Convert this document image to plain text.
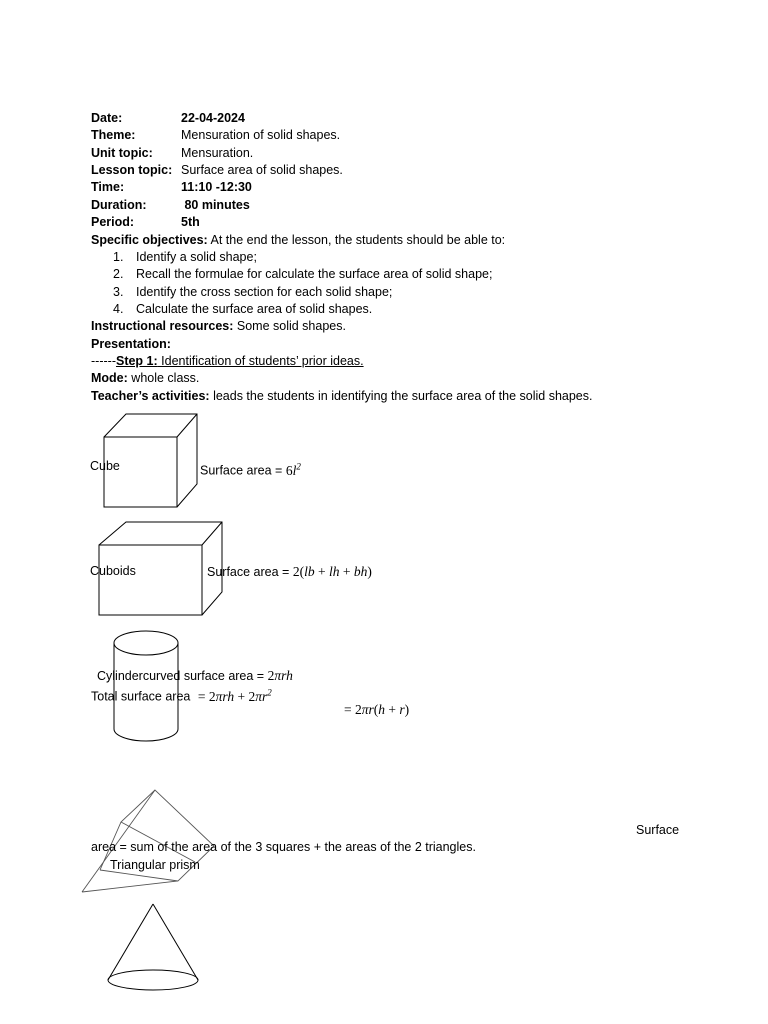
Date:	22-04-2024
Theme:	Mensuration of solid shapes.
Unit topic: Mensuration.
Lesson topic: Surface area of solid shapes.
Time:	11:10 -12:30
Duration:	80 minutes
Period:	5th
Specific objectives: At the end the lesson, the students should be able to:
1. Identify a solid shape;
2. Recall the formulae for calculate the surface area of solid shape;
3. Identify the cross section for each solid shape;
4. Calculate the surface area of solid shapes.
Instructional resources: Some solid shapes.
Presentation:
------Step 1: Identification of students’ prior ideas.
Mode: whole class.
Teacher’s activities: leads the students in identifying the surface area of the solid shapes.
Cube	Surface area = $6l^2$
Cuboids	Surface area = 2(lb + lh + bh)
Cylindercurved surface area = 2πrh
Total surface area = $2\pi rh + 2\pi r^2$
= 2πr(h + r)
Surface
area = sum of the area of the 3 squares + the areas of the 2 triangles.
Triangular prism
